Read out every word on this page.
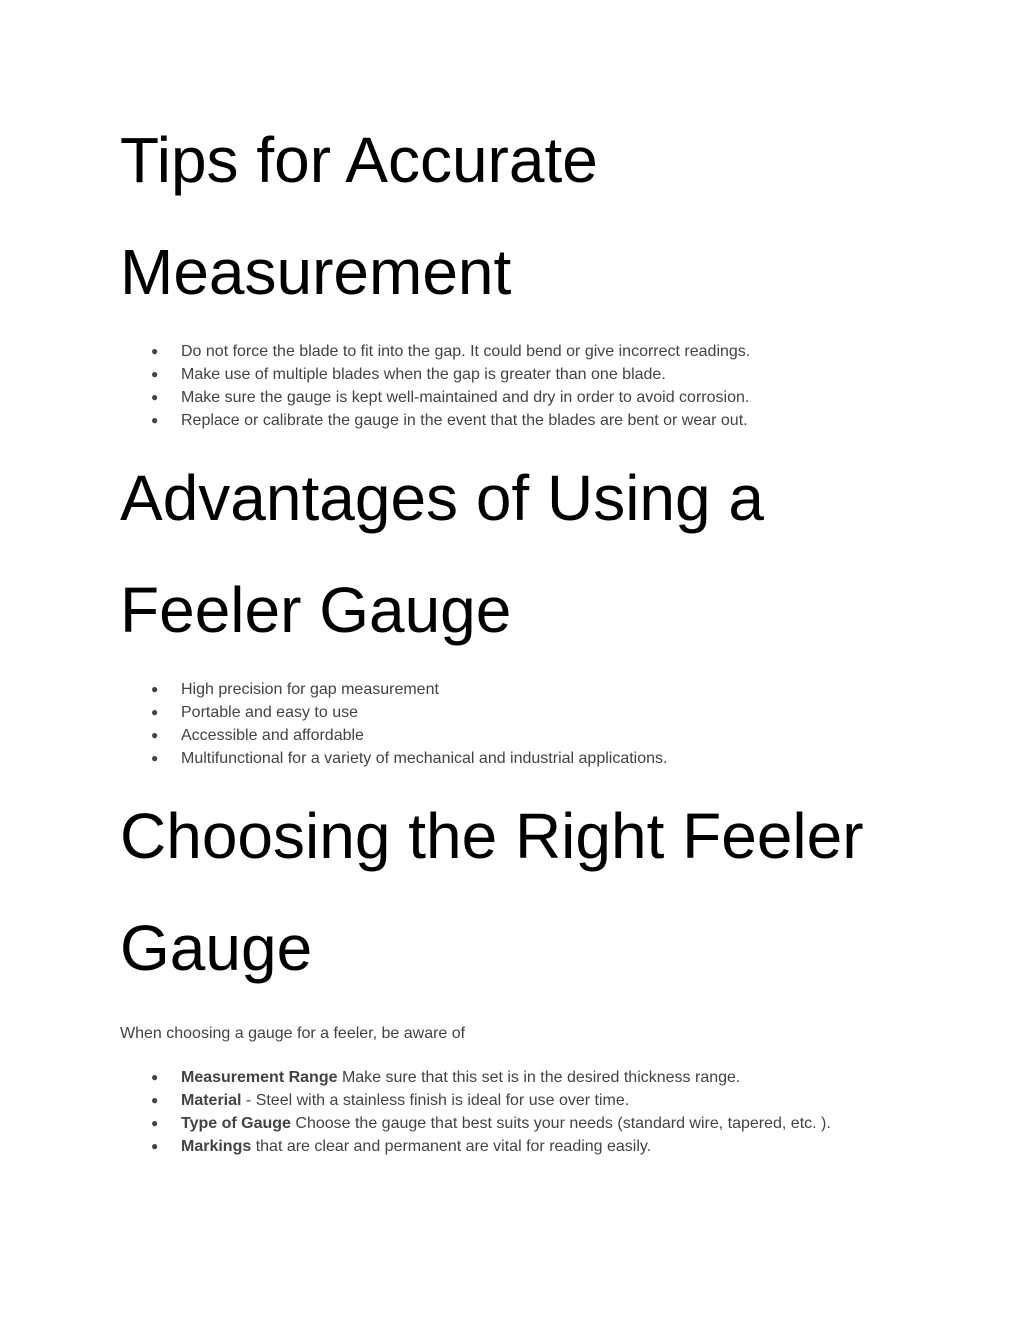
Tips for Accurate
Measurement
● Do not force the blade to fit into the gap. It could bend or give incorrect readings.
● Make use of multiple blades when the gap is greater than one blade.
● Make sure the gauge is kept well-maintained and dry in order to avoid corrosion.
● Replace or calibrate the gauge in the event that the blades are bent or wear out.
Advantages of Using a
Feeler Gauge
● High precision for gap measurement
● Portable and easy to use
● Accessible and affordable
● Multifunctional for a variety of mechanical and industrial applications.
Choosing the Right Feeler
Gauge

When choosing a gauge for a feeler, be aware of

● Measurement Range Make sure that this set is in the desired thickness range.
● Material - Steel with a stainless finish is ideal for use over time.
● Type of Gauge Choose the gauge that best suits your needs (standard wire, tapered, etc. ).
● Markings that are clear and permanent are vital for reading easily.
